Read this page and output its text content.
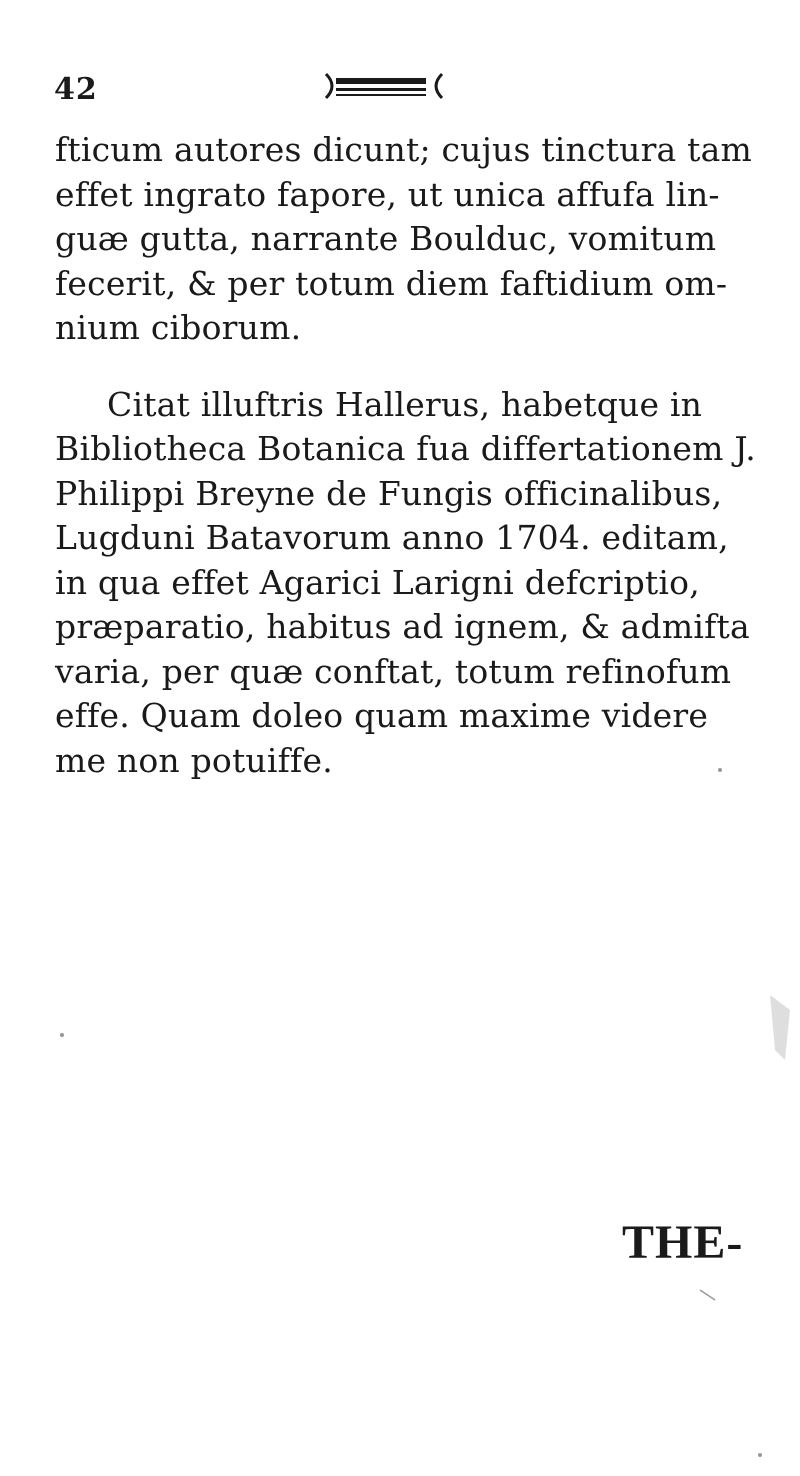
42

fticum autores dicunt; cujus tinctura tam
effet ingrato fapore, ut unica affufa lin-
guæ gutta, narrante Boulduc, vomitum
fecerit, & per totum diem faftidium om-
nium ciborum.

Citat illuftris Hallerus, habetque in
Bibliotheca Botanica fua differtationem J.
Philippi Breyne de Fungis officinalibus,
Lugduni Batavorum anno 1704. editam,
in qua effet Agarici Larigni defcriptio,
præparatio, habitus ad ignem, & admifta
varia, per quæ conftat, totum refinofum
effe. Quam doleo quam maxime videre
me non potuiffe.

THE-
